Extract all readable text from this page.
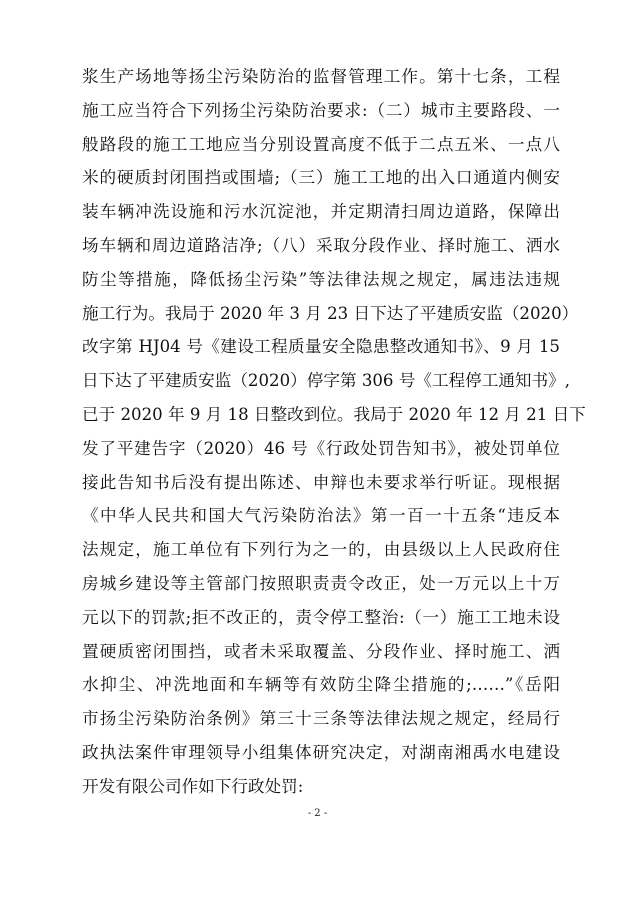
浆生产场地等扬尘污染防治的监督管理工作。第十七条，工程
施工应当符合下列扬尘污染防治要求:（二）城市主要路段、一
般路段的施工工地应当分别设置高度不低于二点五米、一点八
米的硬质封闭围挡或围墙;（三）施工工地的出入口通道内侧安
装车辆冲洗设施和污水沉淀池，并定期清扫周边道路，保障出
场车辆和周边道路洁净;（八）采取分段作业、择时施工、洒水
防尘等措施，降低扬尘污染”等法律法规之规定，属违法违规
施工行为。我局于 2020 年 3 月 23 日下达了平建质安监（2020）
改字第 HJ04 号《建设工程质量安全隐患整改通知书》、9 月 15
日下达了平建质安监（2020）停字第 306 号《工程停工通知书》,
已于 2020 年 9 月 18 日整改到位。我局于 2020 年 12 月 21 日下
发了平建告字（2020）46 号《行政处罚告知书》，被处罚单位
接此告知书后没有提出陈述、申辩也未要求举行听证。现根据
《中华人民共和国大气污染防治法》第一百一十五条“违反本
法规定，施工单位有下列行为之一的，由县级以上人民政府住
房城乡建设等主管部门按照职责责令改正，处一万元以上十万
元以下的罚款;拒不改正的，责令停工整治:（一）施工工地未设
置硬质密闭围挡，或者未采取覆盖、分段作业、择时施工、洒
水抑尘、冲洗地面和车辆等有效防尘降尘措施的;……”《岳阳
市扬尘污染防治条例》第三十三条等法律法规之规定，经局行
政执法案件审理领导小组集体研究决定，对湖南湘禹水电建设
开发有限公司作如下行政处罚:
- 2 -
